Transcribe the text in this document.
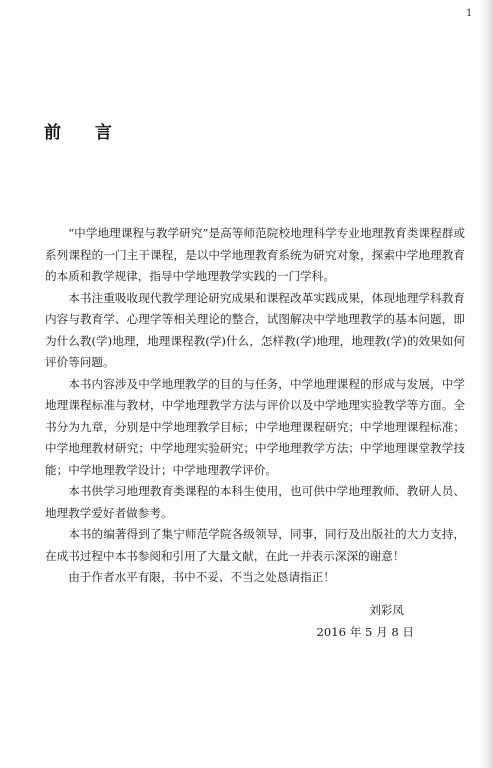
1
前 言

“中学地理课程与教学研究”是高等师范院校地理科学专业地理教育类课程群或系列课程的一门主干课程，是以中学地理教育系统为研究对象，探索中学地理教育的本质和教学规律，指导中学地理教学实践的一门学科。

本书注重吸收现代教学理论研究成果和课程改革实践成果，体现地理学科教育内容与教育学、心理学等相关理论的整合，试图解决中学地理教学的基本问题，即为什么教(学)地理，地理课程教(学)什么，怎样教(学)地理，地理教(学)的效果如何评价等问题。

本书内容涉及中学地理教学的目的与任务，中学地理课程的形成与发展，中学地理课程标准与教材，中学地理教学方法与评价以及中学地理实验教学等方面。全书分为九章，分别是中学地理教学目标；中学地理课程研究；中学地理课程标准；中学地理教材研究；中学地理实验研究；中学地理教学方法；中学地理课堂教学技能；中学地理教学设计；中学地理教学评价。

本书供学习地理教育类课程的本科生使用，也可供中学地理教师、教研人员、地理教学爱好者做参考。

本书的编著得到了集宁师范学院各级领导，同事，同行及出版社的大力支持，在成书过程中本书参阅和引用了大量文献，在此一并表示深深的谢意！

由于作者水平有限，书中不妥、不当之处恳请指正！

刘彩凤
2016 年 5 月 8 日
